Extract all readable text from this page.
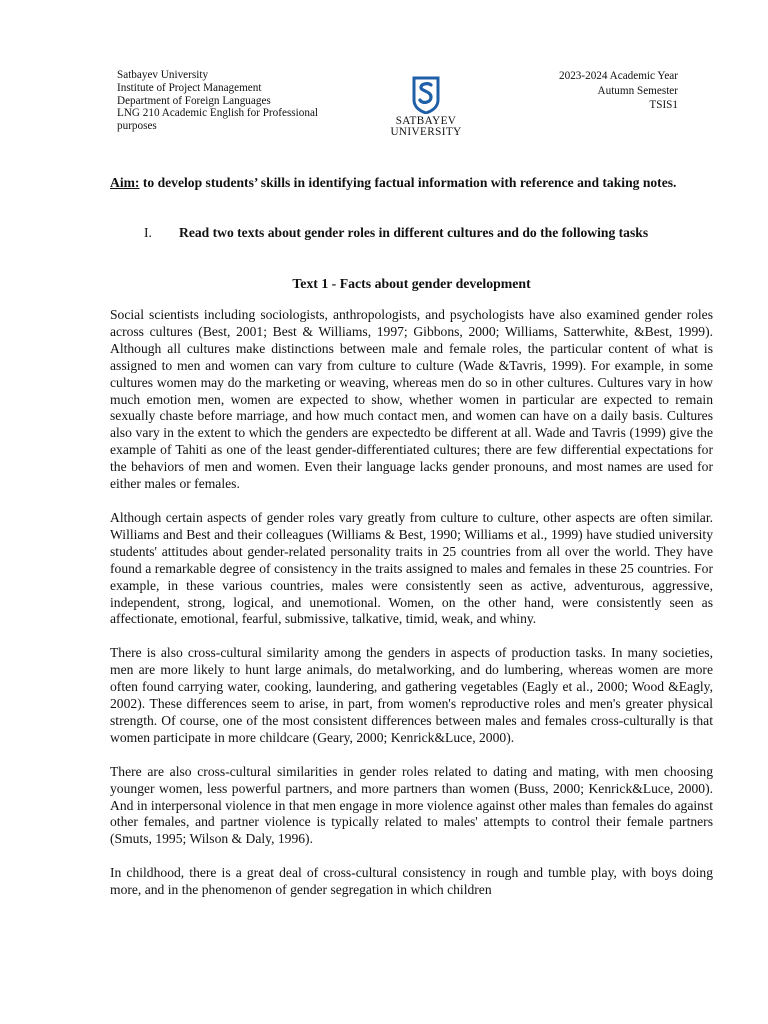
Satbayev University
Institute of Project Management
Department of Foreign Languages
LNG 210 Academic English for Professional purposes	SATBAYEV
UNIVERSITY
2023-2024 Academic Year
Autumn Semester
TSIS1
Aim: to develop students’ skills in identifying factual information with reference and taking notes.
I. Read two texts about gender roles in different cultures and do the following tasks
Text 1 - Facts about gender development

Social scientists including sociologists, anthropologists, and psychologists have also examined gender roles across cultures (Best, 2001; Best & Williams, 1997; Gibbons, 2000; Williams, Satterwhite, &Best, 1999). Although all cultures make distinctions between male and female roles, the particular content of what is assigned to men and women can vary from culture to culture (Wade &Tavris, 1999). For example, in some cultures women may do the marketing or weaving, whereas men do so in other cultures. Cultures vary in how much emotion men, women are expected to show, whether women in particular are expected to remain sexually chaste before marriage, and how much contact men, and women can have on a daily basis. Cultures also vary in the extent to which the genders are expectedto be different at all. Wade and Tavris (1999) give the example of Tahiti as one of the least gender-differentiated cultures; there are few differential expectations for the behaviors of men and women. Even their language lacks gender pronouns, and most names are used for either males or females.

Although certain aspects of gender roles vary greatly from culture to culture, other aspects are often similar. Williams and Best and their colleagues (Williams & Best, 1990; Williams et al., 1999) have studied university students' attitudes about gender-related personality traits in 25 countries from all over the world. They have found a remarkable degree of consistency in the traits assigned to males and females in these 25 countries. For example, in these various countries, males were consistently seen as active, adventurous, aggressive, independent, strong, logical, and unemotional. Women, on the other hand, were consistently seen as affectionate, emotional, fearful, submissive, talkative, timid, weak, and whiny.

There is also cross-cultural similarity among the genders in aspects of production tasks. In many societies, men are more likely to hunt large animals, do metalworking, and do lumbering, whereas women are more often found carrying water, cooking, laundering, and gathering vegetables (Eagly et al., 2000; Wood &Eagly, 2002). These differences seem to arise, in part, from women's reproductive roles and men's greater physical strength. Of course, one of the most consistent differences between males and females cross-culturally is that women participate in more childcare (Geary, 2000; Kenrick&Luce, 2000).

There are also cross-cultural similarities in gender roles related to dating and mating, with men choosing younger women, less powerful partners, and more partners than women (Buss, 2000; Kenrick&Luce, 2000). And in interpersonal violence in that men engage in more violence against other males than females do against other females, and partner violence is typically related to males' attempts to control their female partners (Smuts, 1995; Wilson & Daly, 1996).

In childhood, there is a great deal of cross-cultural consistency in rough and tumble play, with boys doing more, and in the phenomenon of gender segregation in which children
